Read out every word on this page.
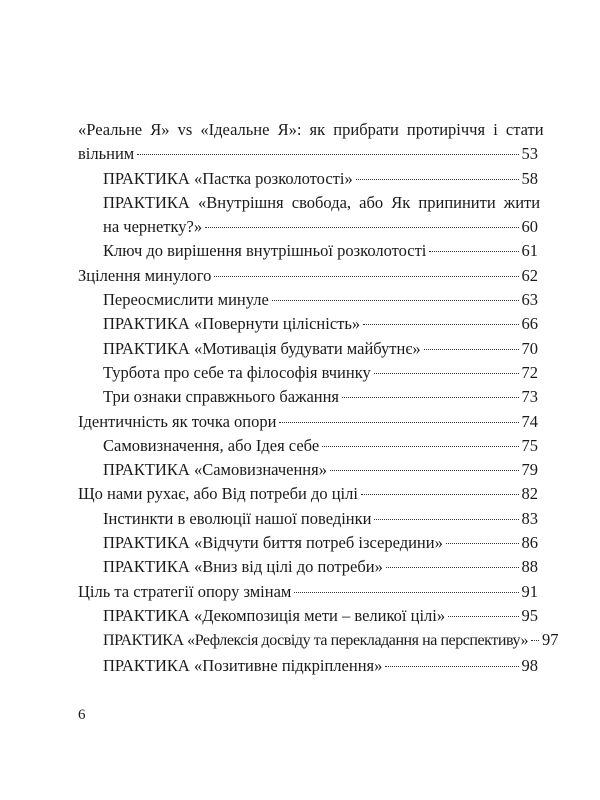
«Реальне Я» vs «Ідеальне Я»: як прибрати протиріччя і стати
вільним	53
ПРАКТИКА «Пастка розколотості»	58
ПРАКТИКА «Внутрішня свобода, або Як припинити жити
на чернетку?»	60
Ключ до вирішення внутрішньої розколотості	61
Зцілення минулого	62
Переосмислити минуле	63
ПРАКТИКА «Повернути цілісність»	66
ПРАКТИКА «Мотивація будувати майбутнє»	70
Турбота про себе та філософія вчинку	72
Три ознаки справжнього бажання	73
Ідентичність як точка опори	74
Самовизначення, або Ідея себе	75
ПРАКТИКА «Самовизначення»	79
Що нами рухає, або Від потреби до цілі	82
Інстинкти в еволюції нашої поведінки	83
ПРАКТИКА «Відчути биття потреб ізсередини»	86
ПРАКТИКА «Вниз від цілі до потреби»	88
Ціль та стратегії опору змінам	91
ПРАКТИКА «Декомпозиція мети – великої цілі»	95
ПРАКТИКА «Рефлексія досвіду та перекладання на перспективу» 97
ПРАКТИКА «Позитивне підкріплення»	98
6
